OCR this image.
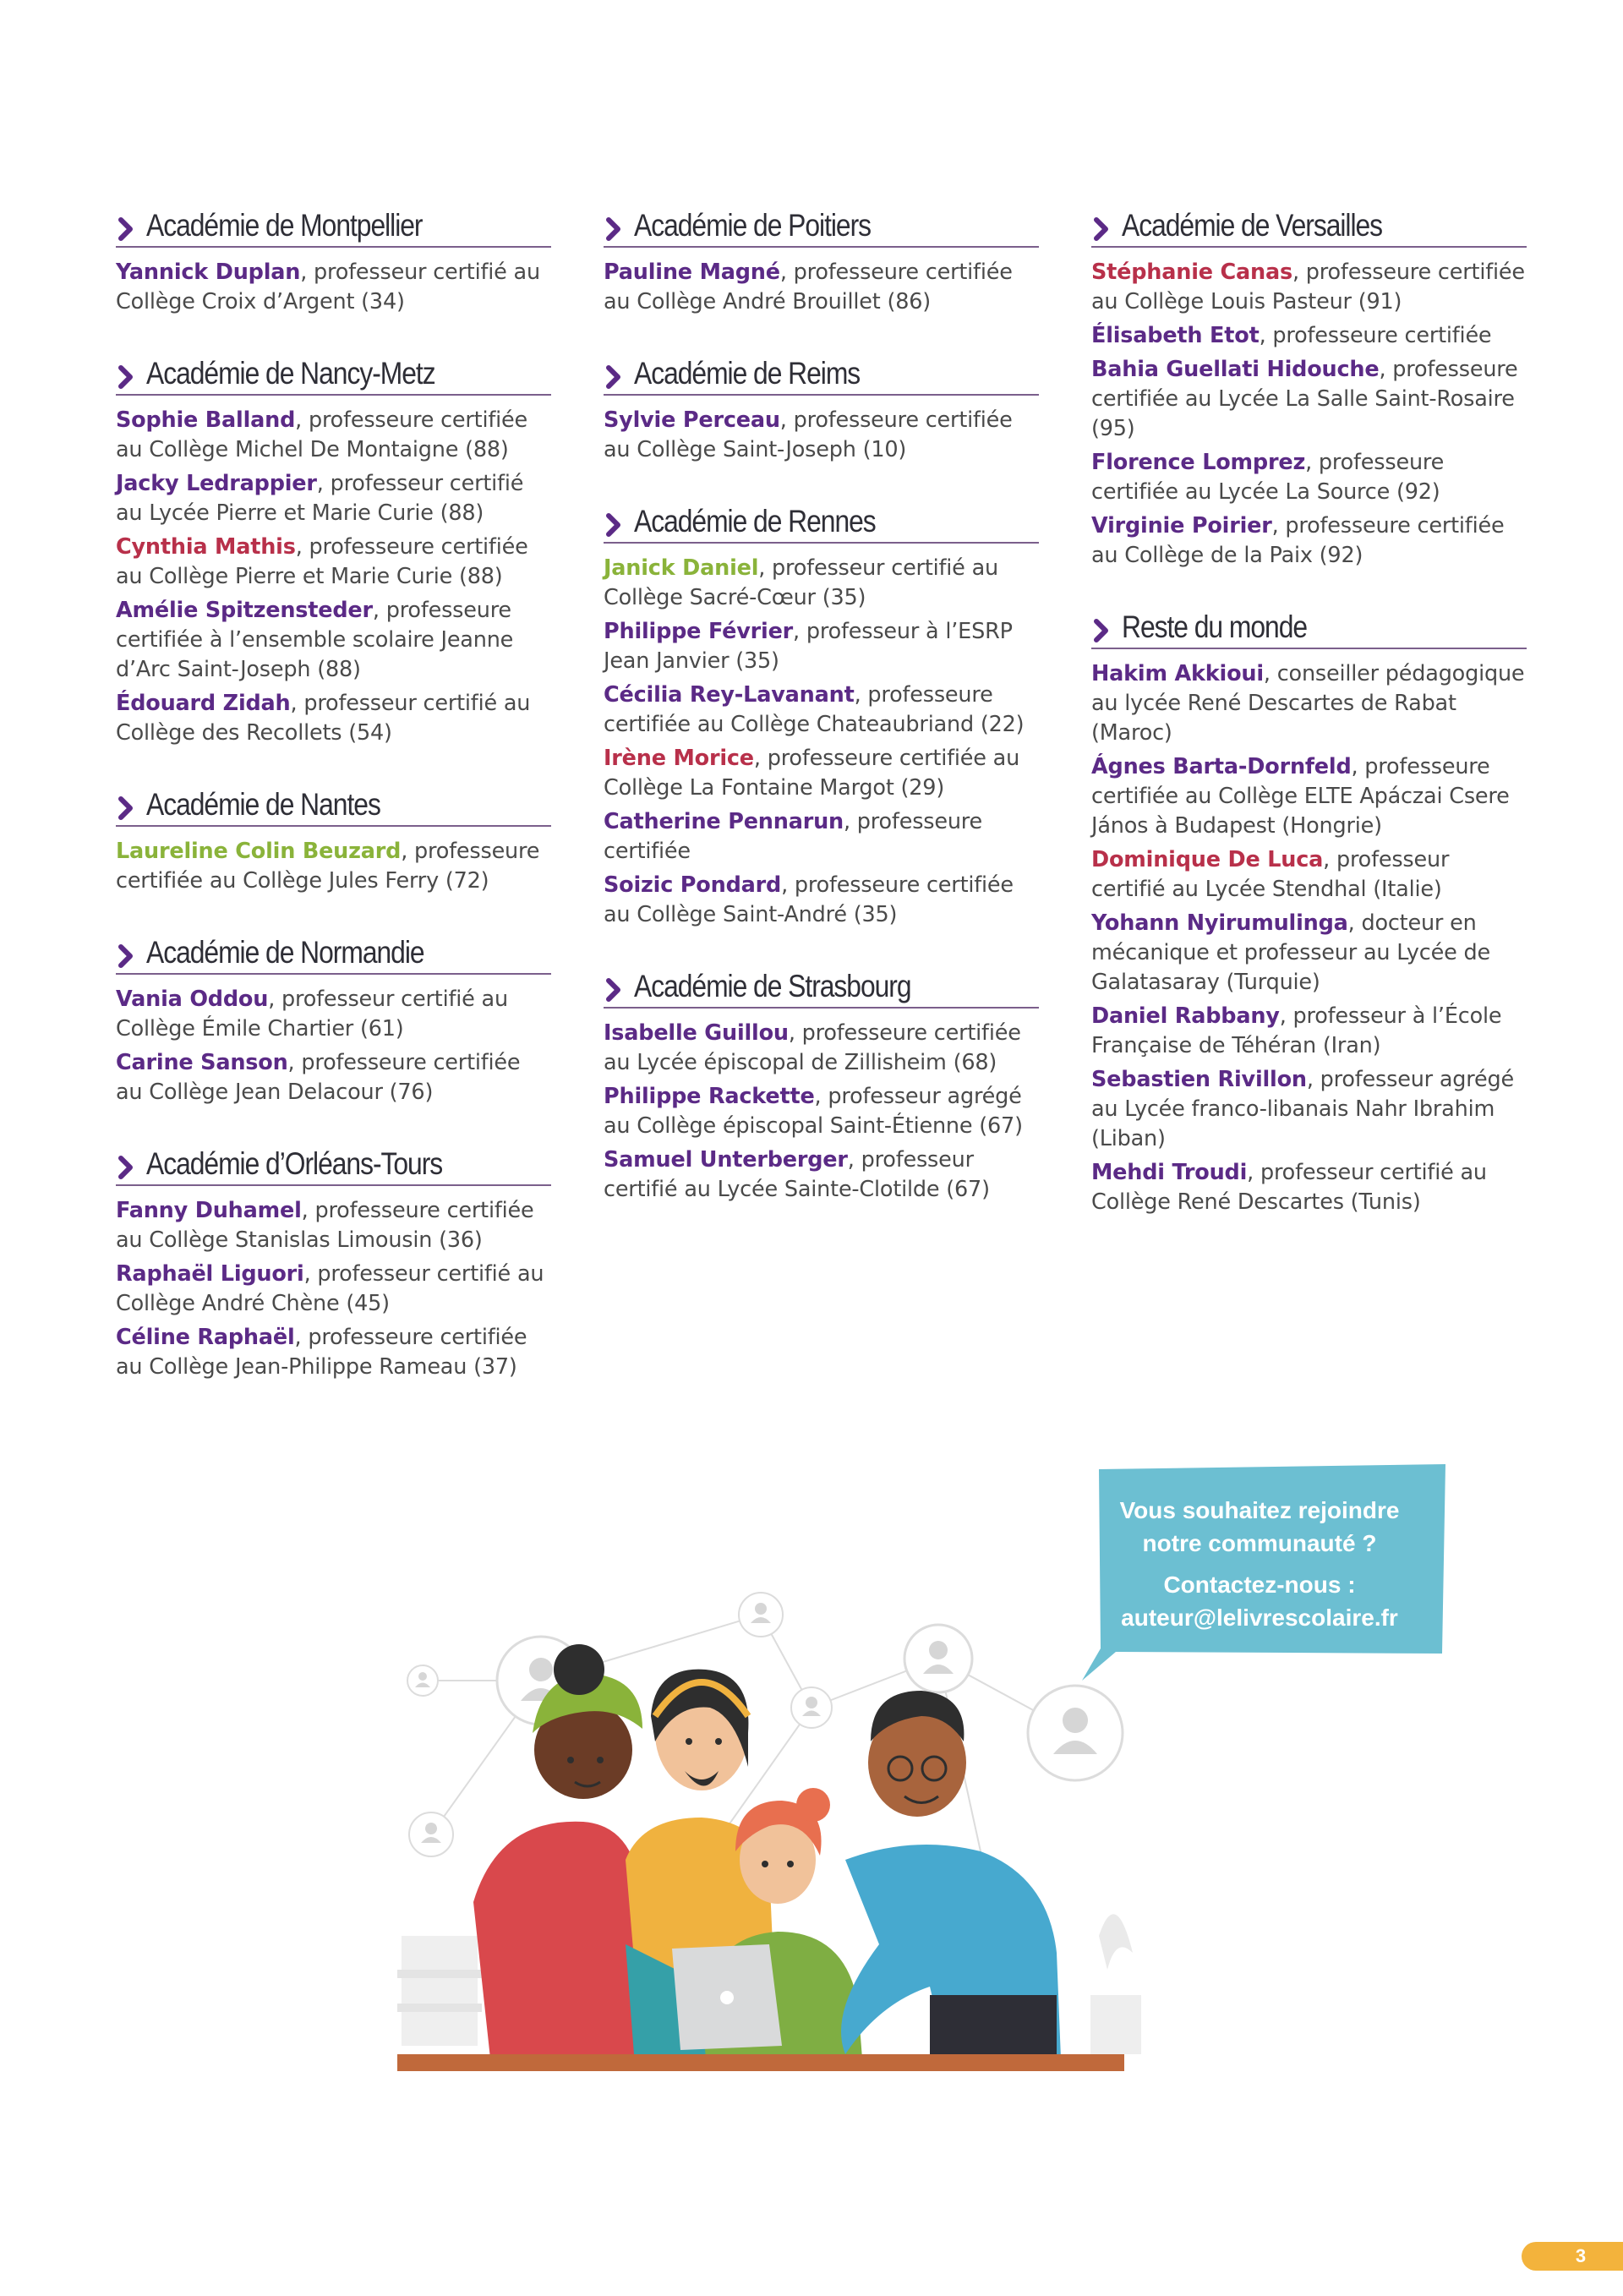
Académie de Montpellier
Yannick Duplan, professeur certifié au Collège Croix d’Argent (34)
Académie de Nancy-Metz
Sophie Balland, professeure certifiée au Collège Michel De Montaigne (88)
Jacky Ledrappier, professeur certifié au Lycée Pierre et Marie Curie (88)
Cynthia Mathis, professeure certifiée au Collège Pierre et Marie Curie (88)
Amélie Spitzensteder, professeure certifiée à l’ensemble scolaire Jeanne d’Arc Saint-Joseph (88)
Édouard Zidah, professeur certifié au Collège des Recollets (54)
Académie de Nantes
Laureline Colin Beuzard, professeure certifiée au Collège Jules Ferry (72)
Académie de Normandie
Vania Oddou, professeur certifié au Collège Émile Chartier (61)
Carine Sanson, professeure certifiée au Collège Jean Delacour (76)
Académie d’Orléans-Tours
Fanny Duhamel, professeure certifiée au Collège Stanislas Limousin (36)
Raphaël Liguori, professeur certifié au Collège André Chène (45)
Céline Raphaël, professeure certifiée au Collège Jean-Philippe Rameau (37)
Académie de Poitiers
Pauline Magné, professeure certifiée au Collège André Brouillet (86)
Académie de Reims
Sylvie Perceau, professeure certifiée au Collège Saint-Joseph (10)
Académie de Rennes
Janick Daniel, professeur certifié au Collège Sacré-Cœur (35)
Philippe Février, professeur à l’ESRP Jean Janvier (35)
Cécilia Rey-Lavanant, professeure certifiée au Collège Chateaubriand (22)
Irène Morice, professeure certifiée au Collège La Fontaine Margot (29)
Catherine Pennarun, professeure certifiée
Soizic Pondard, professeure certifiée au Collège Saint-André (35)
Académie de Strasbourg
Isabelle Guillou, professeure certifiée au Lycée épiscopal de Zillisheim (68)
Philippe Rackette, professeur agrégé au Collège épiscopal Saint-Étienne (67)
Samuel Unterberger, professeur certifié au Lycée Sainte-Clotilde (67)
Académie de Versailles
Stéphanie Canas, professeure certifiée au Collège Louis Pasteur (91)
Élisabeth Etot, professeure certifiée
Bahia Guellati Hidouche, professeure certifiée au Lycée La Salle Saint-Rosaire (95)
Florence Lomprez, professeure certifiée au Lycée La Source (92)
Virginie Poirier, professeure certifiée au Collège de la Paix (92)
Reste du monde
Hakim Akkioui, conseiller pédagogique au lycée René Descartes de Rabat (Maroc)
Ágnes Barta-Dornfeld, professeure certifiée au Collège ELTE Apáczai Csere János à Budapest (Hongrie)
Dominique De Luca, professeur certifié au Lycée Stendhal (Italie)
Yohann Nyirumulinga, docteur en mécanique et professeur au Lycée de Galatasaray (Turquie)
Daniel Rabbany, professeur à l’École Française de Téhéran (Iran)
Sebastien Rivillon, professeur agrégé au Lycée franco-libanais Nahr Ibrahim (Liban)
Mehdi Troudi, professeur certifié au Collège René Descartes (Tunis)
Vous souhaitez rejoindre
notre communauté ?
Contactez-nous :
auteur@lelivrescolaire.fr
3
